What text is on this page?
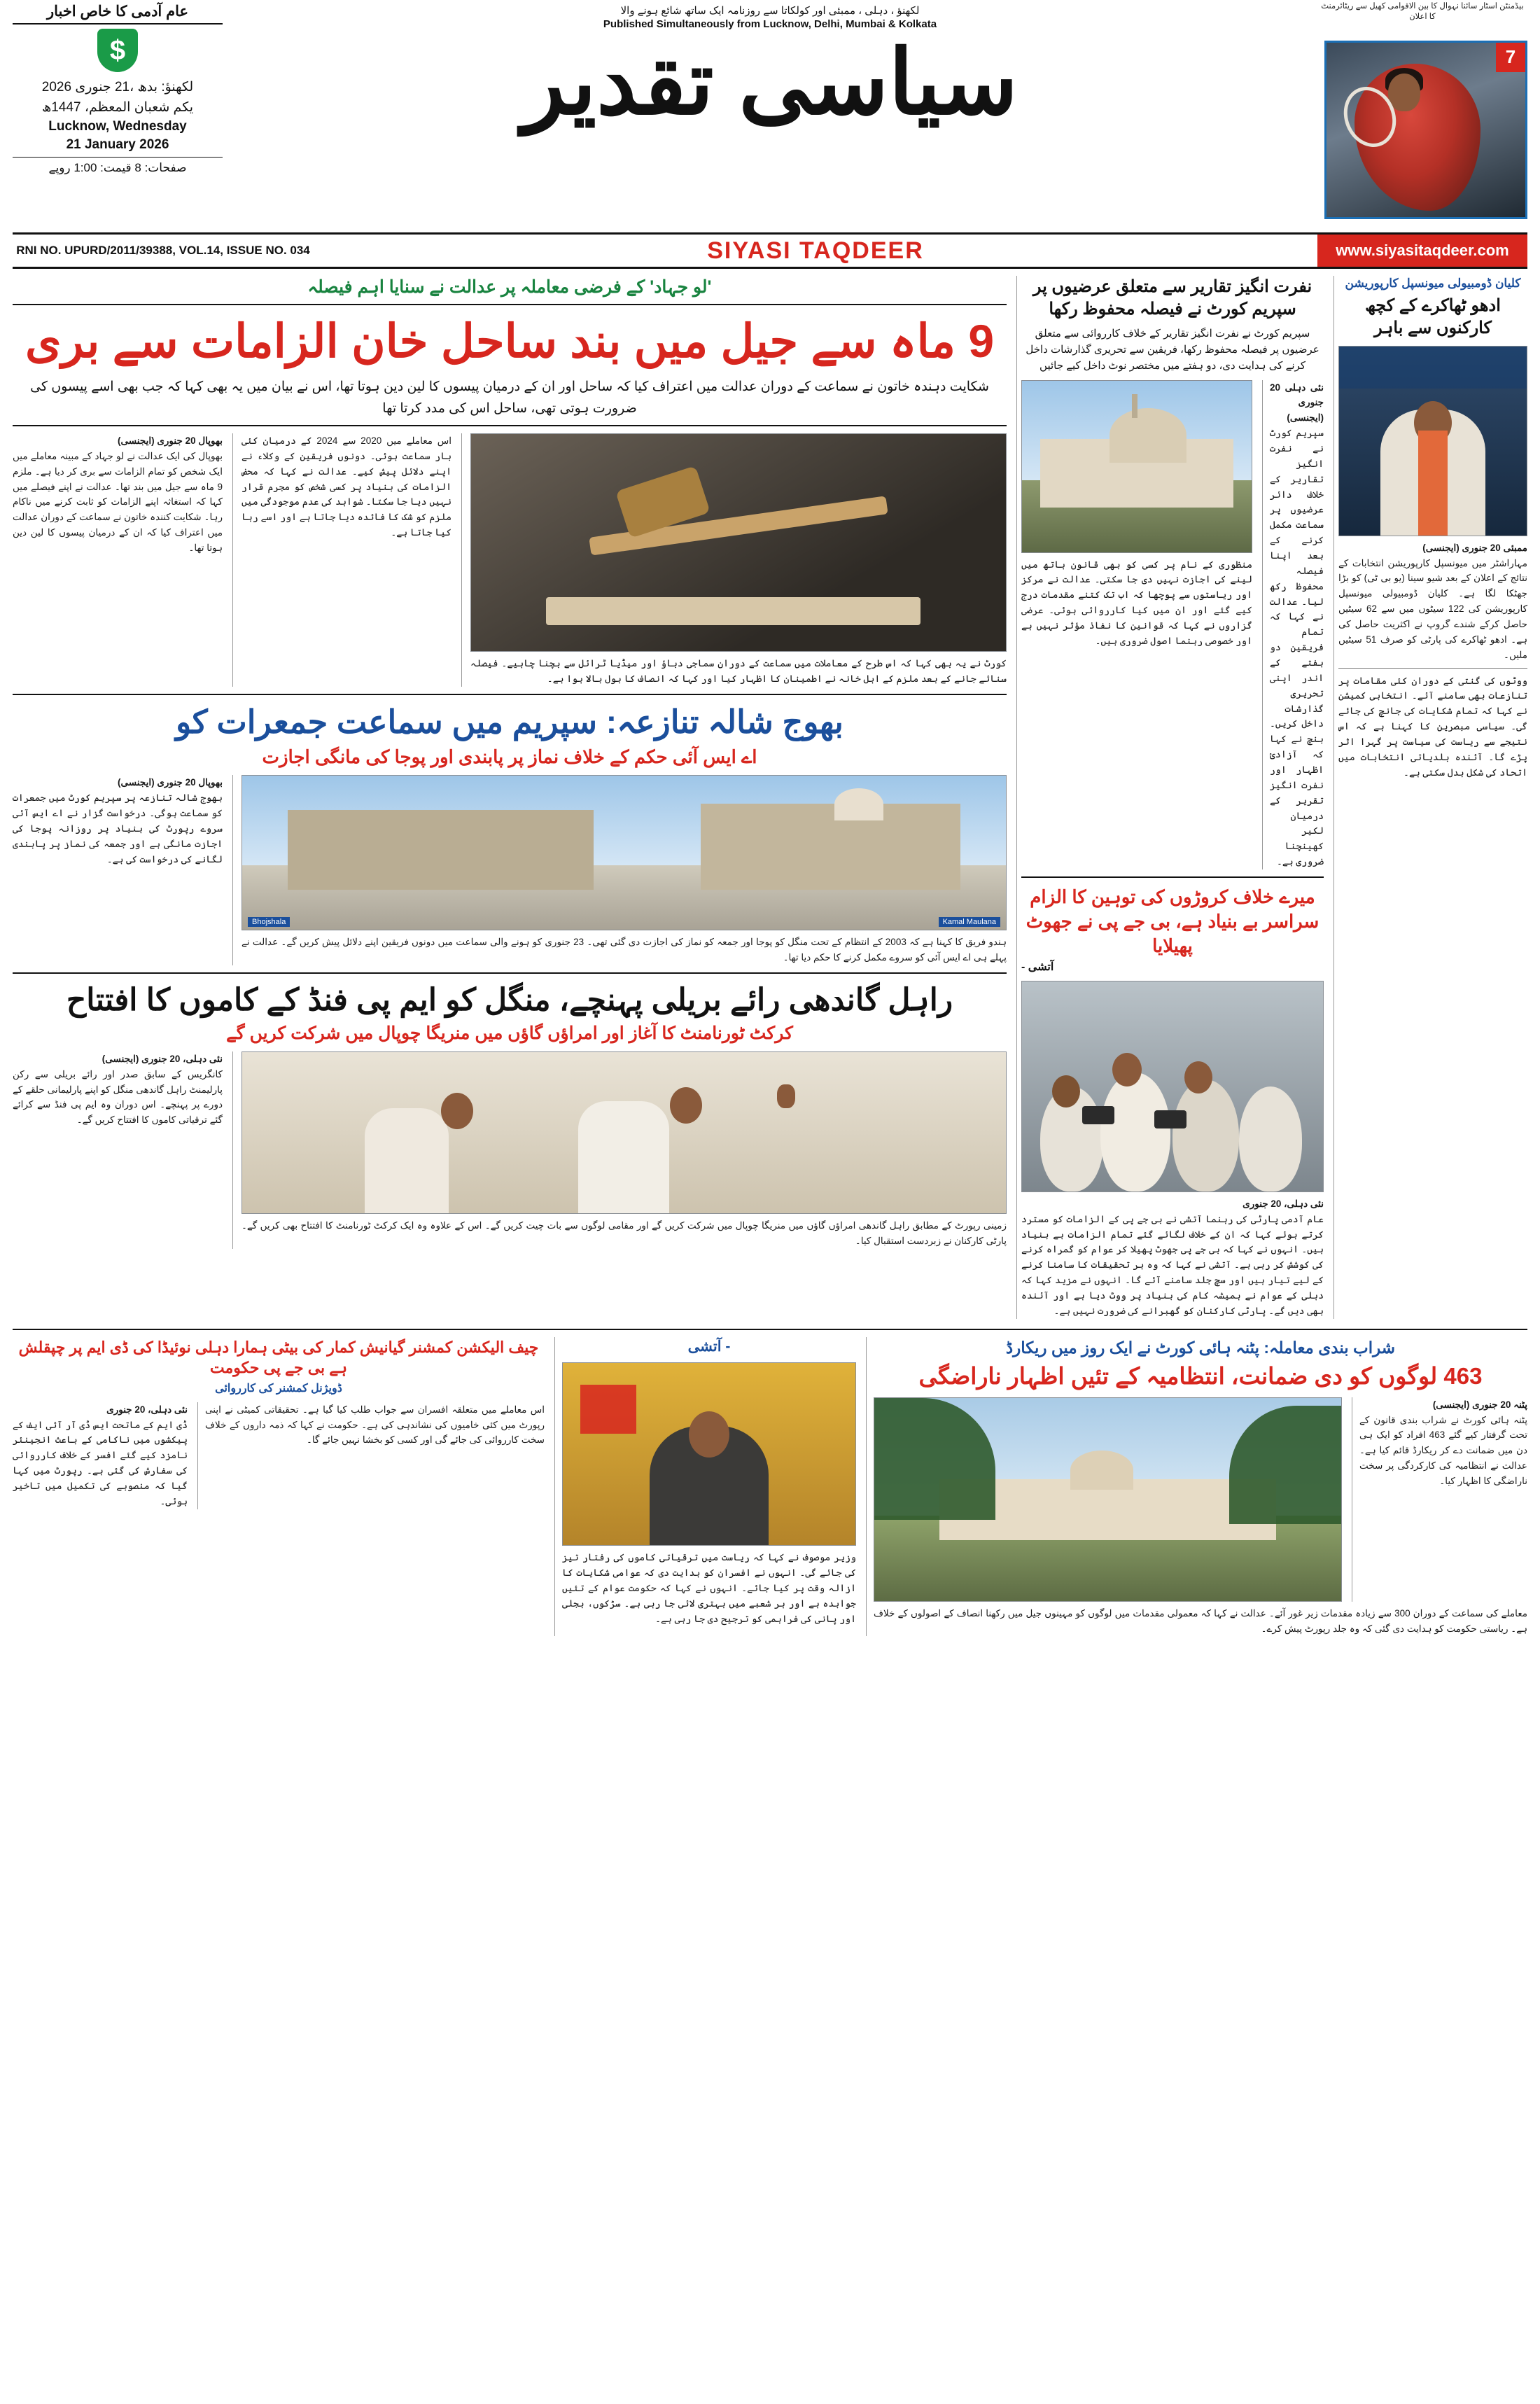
عام آدمی کا خاص اخبار
$
لکھنؤ: بدھ ،21 جنوری 2026
یکم شعبان المعظم، 1447ھ
Lucknow, Wednesday
21 January 2026
صفحات: 8 قیمت: 1:00 روپے
لکھنؤ ، دہلی ، ممبئی اور کولکاتا سے روزنامہ ایک ساتھ شائع ہونے والا
Published Simultaneously from Lucknow, Delhi, Mumbai & Kolkata
سیاسی تقدیر
بیڈمنٹن اسٹار سائنا نہوال کا بین الاقوامی کھیل سے ریٹائرمنٹ کا اعلان
7
RNI NO. UPURD/2011/39388, VOL.14, ISSUE NO. 034	SIYASI TAQDEER	www.siyasitaqdeer.com
'لو جہاد' کے فرضی معاملہ پر عدالت نے سنایا اہم فیصلہ
9 ماہ سے جیل میں بند ساحل خان الزامات سے بری
شکایت دہندہ خاتون نے سماعت کے دوران عدالت میں اعتراف کیا کہ ساحل اور ان کے درمیان پیسوں کا لین دین ہوتا تھا، اس نے بیان میں یہ بھی کہا کہ جب بھی اسے پیسوں کی ضرورت ہوتی تھی، ساحل اس کی مدد کرتا تھا
بھوپال 20 جنوری (ایجنسی)
بھوپال کی ایک عدالت نے لو جہاد کے مبینہ معاملے میں ایک شخص کو تمام الزامات سے بری کر دیا ہے۔ ملزم 9 ماہ سے جیل میں بند تھا۔ عدالت نے اپنے فیصلے میں کہا کہ استغاثہ اپنے الزامات کو ثابت کرنے میں ناکام رہا۔ شکایت کنندہ خاتون نے سماعت کے دوران عدالت میں اعتراف کیا کہ ان کے درمیان پیسوں کا لین دین ہوتا تھا۔
اس معاملے میں 2020 سے 2024 کے درمیان کئی بار سماعت ہوئی۔ دونوں فریقین کے وکلاء نے اپنے دلائل پیش کیے۔ عدالت نے کہا کہ محض الزامات کی بنیاد پر کسی شخص کو مجرم قرار نہیں دیا جا سکتا۔ شواہد کی عدم موجودگی میں ملزم کو شک کا فائدہ دیا جاتا ہے اور اسے رہا کیا جاتا ہے۔
کورٹ نے یہ بھی کہا کہ اس طرح کے معاملات میں سماعت کے دوران سماجی دباؤ اور میڈیا ٹرائل سے بچنا چاہیے۔ فیصلہ سنائے جانے کے بعد ملزم کے اہل خانہ نے اطمینان کا اظہار کیا اور کہا کہ انصاف کا بول بالا ہوا ہے۔
بھوج شالہ تنازعہ: سپریم میں سماعت جمعرات کو
اے ایس آئی حکم کے خلاف نماز پر پابندی اور پوجا کی مانگی اجازت
بھوپال 20 جنوری (ایجنسی)
بھوج شالہ تنازعہ پر سپریم کورٹ میں جمعرات کو سماعت ہوگی۔ درخواست گزار نے اے ایس آئی سروے رپورٹ کی بنیاد پر روزانہ پوجا کی اجازت مانگی ہے اور جمعہ کی نماز پر پابندی لگانے کی درخواست کی ہے۔
Kamal Maulana
Bhojshala
ہندو فریق کا کہنا ہے کہ 2003 کے انتظام کے تحت منگل کو پوجا اور جمعہ کو نماز کی اجازت دی گئی تھی۔ 23 جنوری کو ہونے والی سماعت میں دونوں فریقین اپنے دلائل پیش کریں گے۔ عدالت نے پہلے ہی اے ایس آئی کو سروے مکمل کرنے کا حکم دیا تھا۔
راہل گاندھی رائے بریلی پہنچے، منگل کو ایم پی فنڈ کے کاموں کا افتتاح
کرکٹ ٹورنامنٹ کا آغاز اور امراؤں گاؤں میں منریگا چوپال میں شرکت کریں گے
نئی دہلی، 20 جنوری (ایجنسی)
کانگریس کے سابق صدر اور رائے بریلی سے رکن پارلیمنٹ راہل گاندھی منگل کو اپنے پارلیمانی حلقے کے دورے پر پہنچے۔ اس دوران وہ ایم پی فنڈ سے کرائے گئے ترقیاتی کاموں کا افتتاح کریں گے۔
زمینی رپورٹ کے مطابق راہل گاندھی امراؤں گاؤں میں منریگا چوپال میں شرکت کریں گے اور مقامی لوگوں سے بات چیت کریں گے۔ اس کے علاوہ وہ ایک کرکٹ ٹورنامنٹ کا افتتاح بھی کریں گے۔ پارٹی کارکنان نے زبردست استقبال کیا۔
نفرت انگیز تقاریر سے متعلق عرضیوں پر سپریم کورٹ نے فیصلہ محفوظ رکھا
سپریم کورٹ نے نفرت انگیز تقاریر کے خلاف کارروائی سے متعلق عرضیوں پر فیصلہ محفوظ رکھا، فریقین سے تحریری گذارشات داخل کرنے کی ہدایت دی، دو ہفتے میں مختصر نوٹ داخل کیے جائیں
منظوری کے نام پر کسی کو بھی قانون ہاتھ میں لینے کی اجازت نہیں دی جا سکتی۔ عدالت نے مرکز اور ریاستوں سے پوچھا کہ اب تک کتنے مقدمات درج کیے گئے اور ان میں کیا کارروائی ہوئی۔ عرضی گزاروں نے کہا کہ قوانین کا نفاذ مؤثر نہیں ہے اور خصوصی رہنما اصول ضروری ہیں۔
نئی دہلی 20 جنوری (ایجنسی)
سپریم کورٹ نے نفرت انگیز تقاریر کے خلاف دائر عرضیوں پر سماعت مکمل کرنے کے بعد اپنا فیصلہ محفوظ رکھ لیا۔ عدالت نے کہا کہ تمام فریقین دو ہفتے کے اندر اپنی تحریری گذارشات داخل کریں۔ بنچ نے کہا کہ آزادیٔ اظہار اور نفرت انگیز تقریر کے درمیان لکیر کھینچنا ضروری ہے۔
میرے خلاف کروڑوں کی توہین کا الزام سراسر بے بنیاد ہے، بی جے پی نے جھوٹ پھیلایا
- آتشی
نئی دہلی، 20 جنوری
عام آدمی پارٹی کی رہنما آتشی نے بی جے پی کے الزامات کو مسترد کرتے ہوئے کہا کہ ان کے خلاف لگائے گئے تمام الزامات بے بنیاد ہیں۔ انہوں نے کہا کہ بی جے پی جھوٹ پھیلا کر عوام کو گمراہ کرنے کی کوشش کر رہی ہے۔ آتشی نے کہا کہ وہ ہر تحقیقات کا سامنا کرنے کے لیے تیار ہیں اور سچ جلد سامنے آئے گا۔ انہوں نے مزید کہا کہ دہلی کے عوام نے ہمیشہ کام کی بنیاد پر ووٹ دیا ہے اور آئندہ بھی دیں گے۔ پارٹی کارکنان کو گھبرانے کی ضرورت نہیں ہے۔
کلیان ڈومبیولی میونسپل کارپوریشن
ادھو ٹھاکرے کے کچھ کارکنوں سے باہر
ممبئی 20 جنوری (ایجنسی)
مہاراشٹر میں میونسپل کارپوریشن انتخابات کے نتائج کے اعلان کے بعد شیو سینا (یو بی ٹی) کو بڑا جھٹکا لگا ہے۔ کلیان ڈومبیولی میونسپل کارپوریشن کی 122 سیٹوں میں سے 62 سیٹیں حاصل کرکے شندے گروپ نے اکثریت حاصل کی ہے۔ ادھو ٹھاکرے کی پارٹی کو صرف 51 سیٹیں ملیں۔
ووٹوں کی گنتی کے دوران کئی مقامات پر تنازعات بھی سامنے آئے۔ انتخابی کمیشن نے کہا کہ تمام شکایات کی جانچ کی جائے گی۔ سیاسی مبصرین کا کہنا ہے کہ اس نتیجے سے ریاست کی سیاست پر گہرا اثر پڑے گا۔ آئندہ بلدیاتی انتخابات میں اتحاد کی شکل بدل سکتی ہے۔
چیف الیکشن کمشنر گیانیش کمار کی بیٹی ہمارا دہلی نوئیڈا کی ڈی ایم پر چپقلش ہے بی جے پی حکومت
ڈویژنل کمشنر کی کارروائی
نئی دہلی، 20 جنوری
ڈی ایم کے ماتحت ایس ڈی آر آئی ایف کے پیکشوں میں ناکامی کے باعث انجینئر نامزد کیے گئے افسر کے خلاف کارروائی کی سفارش کی گئی ہے۔ رپورٹ میں کہا گیا کہ منصوبے کی تکمیل میں تاخیر ہوئی۔
اس معاملے میں متعلقہ افسران سے جواب طلب کیا گیا ہے۔ تحقیقاتی کمیٹی نے اپنی رپورٹ میں کئی خامیوں کی نشاندہی کی ہے۔ حکومت نے کہا کہ ذمہ داروں کے خلاف سخت کارروائی کی جائے گی اور کسی کو بخشا نہیں جائے گا۔
- آتشی
وزیر موصوف نے کہا کہ ریاست میں ترقیاتی کاموں کی رفتار تیز کی جائے گی۔ انہوں نے افسران کو ہدایت دی کہ عوامی شکایات کا ازالہ وقت پر کیا جائے۔ انہوں نے کہا کہ حکومت عوام کے تئیں جوابدہ ہے اور ہر شعبے میں بہتری لائی جا رہی ہے۔ سڑکوں، بجلی اور پانی کی فراہمی کو ترجیح دی جا رہی ہے۔
شراب بندی معاملہ: پٹنہ ہائی کورٹ نے ایک روز میں ریکارڈ
463 لوگوں کو دی ضمانت، انتظامیہ کے تئیں اظہار ناراضگی
پٹنہ 20 جنوری (ایجنسی)
پٹنہ ہائی کورٹ نے شراب بندی قانون کے تحت گرفتار کیے گئے 463 افراد کو ایک ہی دن میں ضمانت دے کر ریکارڈ قائم کیا ہے۔ عدالت نے انتظامیہ کی کارکردگی پر سخت ناراضگی کا اظہار کیا۔
معاملے کی سماعت کے دوران 300 سے زیادہ مقدمات زیر غور آئے۔ عدالت نے کہا کہ معمولی مقدمات میں لوگوں کو مہینوں جیل میں رکھنا انصاف کے اصولوں کے خلاف ہے۔ ریاستی حکومت کو ہدایت دی گئی کہ وہ جلد رپورٹ پیش کرے۔
